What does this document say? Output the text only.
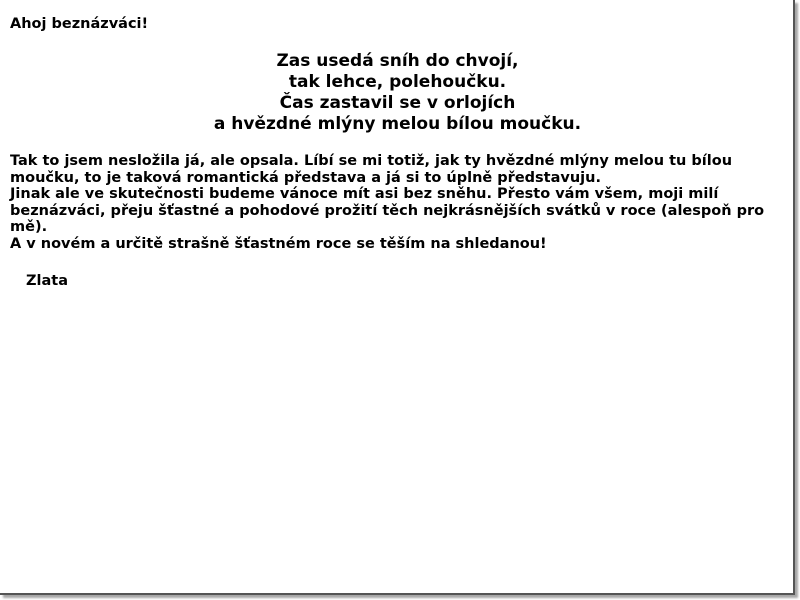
Ahoj beznázváci!

Zas usedá sníh do chvojí,
tak lehce, polehoučku.
Čas zastavil se v orlojích
a hvězdné mlýny melou bílou moučku.

Tak to jsem nesložila já, ale opsala. Líbí se mi totiž, jak ty hvězdné mlýny melou tu bílou moučku, to je taková romantická představa a já si to úplně představuju.

Jinak ale ve skutečnosti budeme vánoce mít asi bez sněhu. Přesto vám všem, moji milí beznázváci, přeju šťastné a pohodové prožití těch nejkrásnějších svátků v roce (alespoň pro mě).

A v novém a určitě strašně šťastném roce se těším na shledanou!

Zlata
